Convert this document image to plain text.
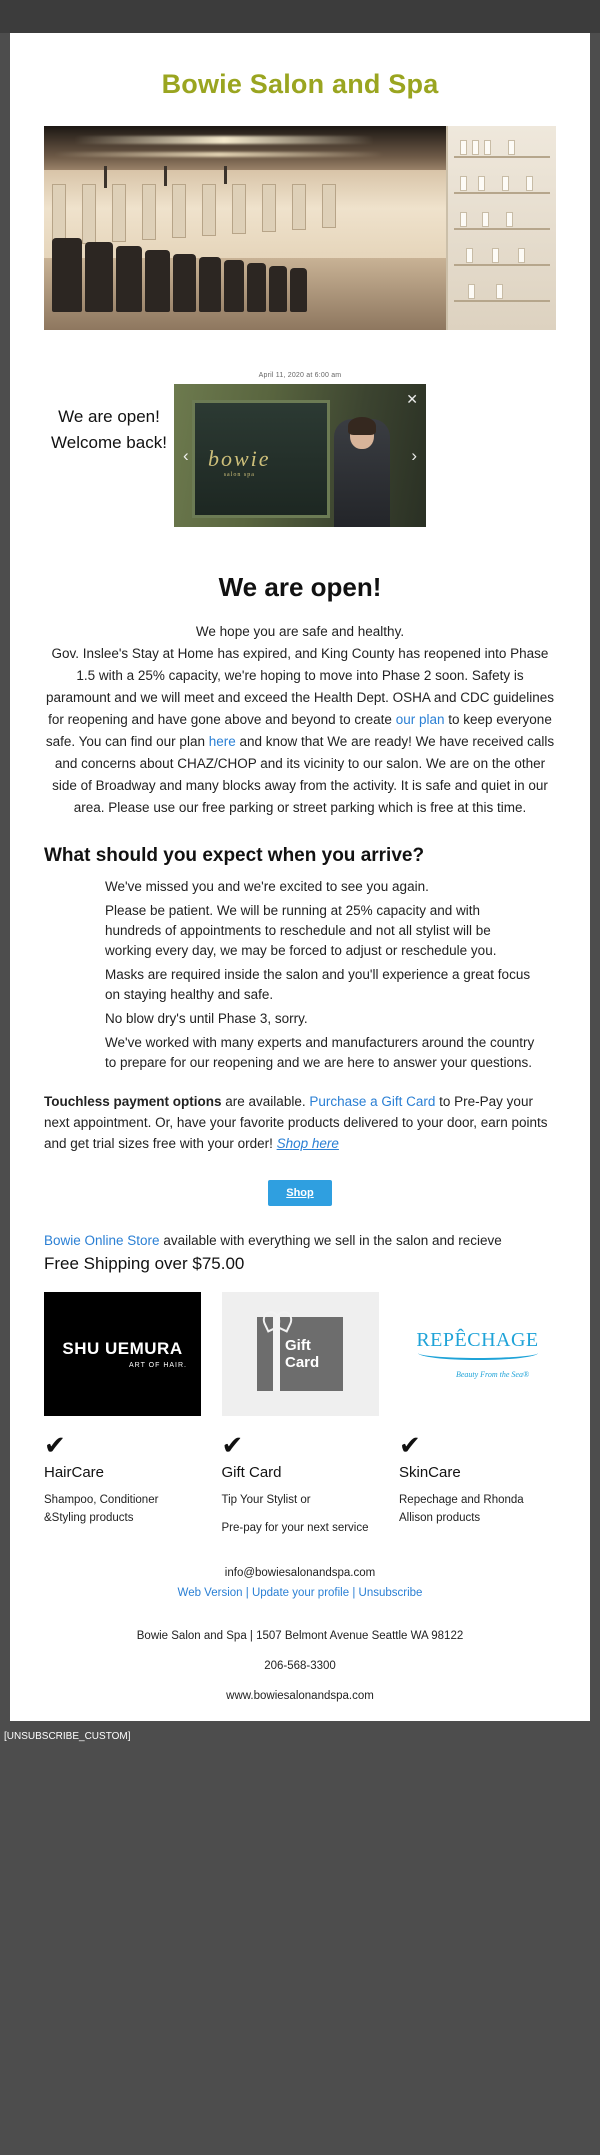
Bowie Salon and Spa
We are open!
Welcome back!
April 11, 2020 at 6:00 am
bowie
salon spa
✕
‹	›
We are open!
We hope you are safe and healthy.
Gov. Inslee's Stay at Home has expired, and King County has reopened into Phase 1.5 with a 25% capacity, we're hoping to move into Phase 2 soon. Safety is paramount and we will meet and exceed the Health Dept. OSHA and CDC guidelines for reopening and have gone above and beyond to create our plan to keep everyone safe. You can find our plan here and know that We are ready! We have received calls and concerns about CHAZ/CHOP and its vicinity to our salon. We are on the other side of Broadway and many blocks away from the activity. It is safe and quiet in our area. Please use our free parking or street parking which is free at this time.
What should you expect when you arrive?

We've missed you and we're excited to see you again.

Please be patient. We will be running at 25% capacity and with hundreds of appointments to reschedule and not all stylist will be working every day, we may be forced to adjust or reschedule you.

Masks are required inside the salon and you'll experience a great focus on staying healthy and safe.

No blow dry's until Phase 3, sorry.

We've worked with many experts and manufacturers around the country to prepare for our reopening and we are here to answer your questions.

Touchless payment options are available. Purchase a Gift Card to Pre-Pay your next appointment. Or, have your favorite products delivered to your door, earn points and get trial sizes free with your order! Shop here
Shop
Bowie Online Store available with everything we sell in the salon and recieve
Free Shipping over $75.00
SHU UEMURA
ART OF HAIR.
✔
HairCare
Shampoo, Conditioner
&Styling products
Gift
Card
✔
Gift Card
Tip Your Stylist or
Pre-pay for your next service
REPÊCHAGE
Beauty From the Sea®
✔
SkinCare
Repechage and Rhonda
Allison products
info@bowiesalonandspa.com
Web Version | Update your profile | Unsubscribe
Bowie Salon and Spa | 1507 Belmont Avenue Seattle WA 98122
206-568-3300
www.bowiesalonandspa.com
[UNSUBSCRIBE_CUSTOM]
